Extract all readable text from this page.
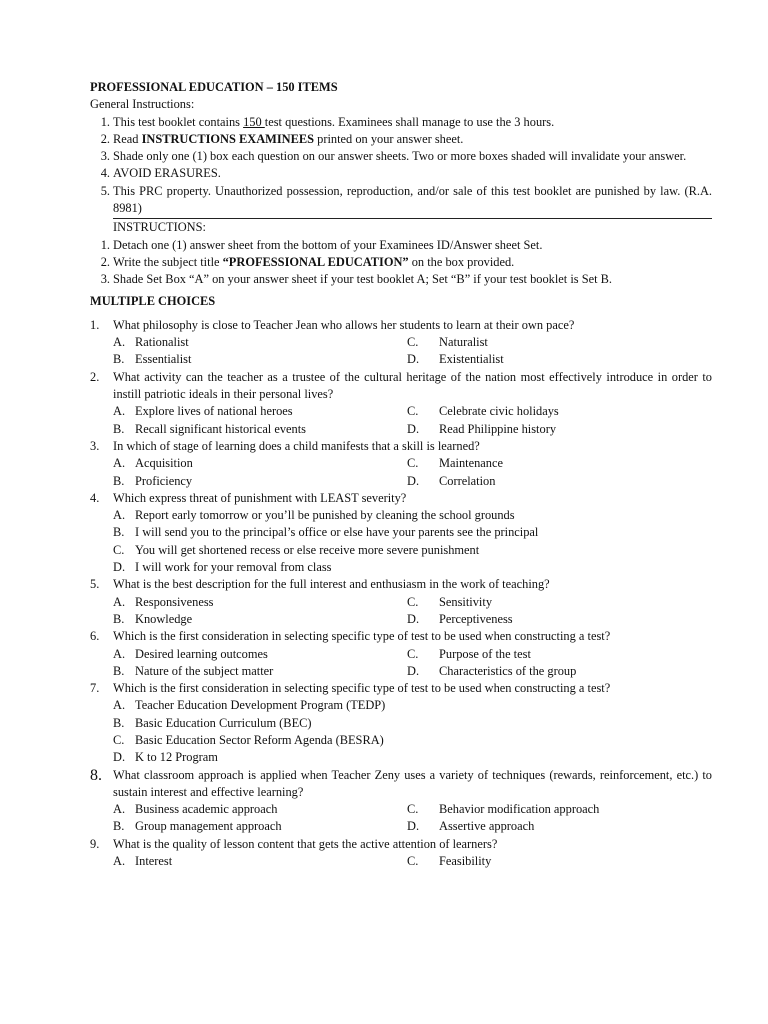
PROFESSIONAL EDUCATION – 150 ITEMS
General Instructions:
1. This test booklet contains 150 test questions. Examinees shall manage to use the 3 hours.
2. Read INSTRUCTIONS EXAMINEES printed on your answer sheet.
3. Shade only one (1) box each question on our answer sheets. Two or more boxes shaded will invalidate your answer.
4. AVOID ERASURES.
5. This PRC property. Unauthorized possession, reproduction, and/or sale of this test booklet are punished by law. (R.A. 8981)
INSTRUCTIONS:
1. Detach one (1) answer sheet from the bottom of your Examinees ID/Answer sheet Set.
2. Write the subject title “PROFESSIONAL EDUCATION” on the box provided.
3. Shade Set Box “A” on your answer sheet if your test booklet A; Set “B” if your test booklet is Set B.
MULTIPLE CHOICES
1.	What philosophy is close to Teacher Jean who allows her students to learn at their own pace?
A. Rationalist	C. Naturalist
B. Essentialist	D. Existentialist
2.	What activity can the teacher as a trustee of the cultural heritage of the nation most effectively introduce in order to instill patriotic ideals in their personal lives?
A. Explore lives of national heroes	C. Celebrate civic holidays
B. Recall significant historical events	D. Read Philippine history
3.	In which of stage of learning does a child manifests that a skill is learned?
A. Acquisition	C. Maintenance
B. Proficiency	D. Correlation
4.	Which express threat of punishment with LEAST severity?
A. Report early tomorrow or you’ll be punished by cleaning the school grounds
B. I will send you to the principal’s office or else have your parents see the principal
C. You will get shortened recess or else receive more severe punishment
D. I will work for your removal from class
5.	What is the best description for the full interest and enthusiasm in the work of teaching?
A. Responsiveness	C. Sensitivity
B. Knowledge	D. Perceptiveness
6.	Which is the first consideration in selecting specific type of test to be used when constructing a test?
A. Desired learning outcomes	C. Purpose of the test
B. Nature of the subject matter	D. Characteristics of the group
7.	Which is the first consideration in selecting specific type of test to be used when constructing a test?
A. Teacher Education Development Program (TEDP)
B. Basic Education Curriculum (BEC)
C. Basic Education Sector Reform Agenda (BESRA)
D. K to 12 Program
8. What classroom approach is applied when Teacher Zeny uses a variety of techniques (rewards, reinforcement, etc.) to sustain interest and effective learning?
A. Business academic approach	C. Behavior modification approach
B. Group management approach	D. Assertive approach
9.	What is the quality of lesson content that gets the active attention of learners?
A. Interest	C. Feasibility
